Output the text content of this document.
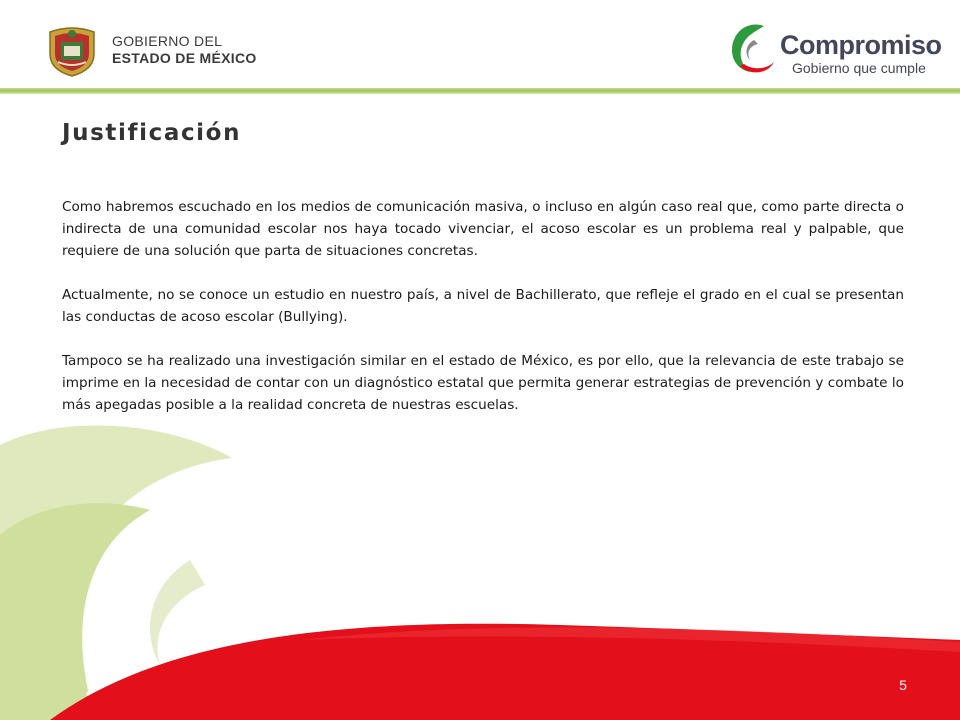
GOBIERNO DEL
ESTADO DE MÉXICO	Compromiso
Gobierno que cumple
Justificación

Como habremos escuchado en los medios de comunicación masiva, o incluso en algún caso real que, como parte directa o indirecta de una comunidad escolar nos haya tocado vivenciar, el acoso escolar es un problema real y palpable, que requiere de una solución que parta de situaciones concretas.

Actualmente, no se conoce un estudio en nuestro país, a nivel de Bachillerato, que refleje el grado en el cual se presentan las conductas de acoso escolar (Bullying).

Tampoco se ha realizado una investigación similar en el estado de México, es por ello, que la relevancia de este trabajo se imprime en la necesidad de contar con un diagnóstico estatal que permita generar estrategias de prevención y combate lo más apegadas posible a la realidad concreta de nuestras escuelas.

5
